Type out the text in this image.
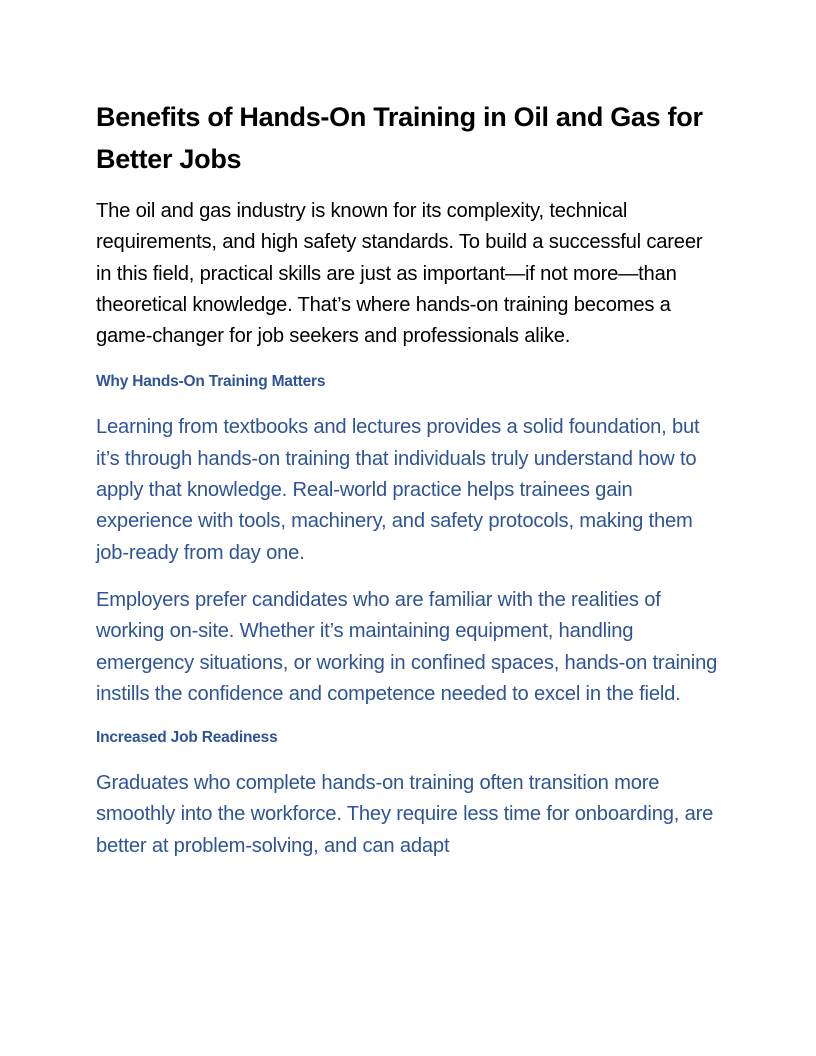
Benefits of Hands-On Training in Oil and Gas for Better Jobs

The oil and gas industry is known for its complexity, technical requirements, and high safety standards. To build a successful career in this field, practical skills are just as important—if not more—than theoretical knowledge. That’s where hands-on training becomes a game-changer for job seekers and professionals alike.

Why Hands-On Training Matters

Learning from textbooks and lectures provides a solid foundation, but it’s through hands-on training that individuals truly understand how to apply that knowledge. Real-world practice helps trainees gain experience with tools, machinery, and safety protocols, making them job-ready from day one.

Employers prefer candidates who are familiar with the realities of working on-site. Whether it’s maintaining equipment, handling emergency situations, or working in confined spaces, hands-on training instills the confidence and competence needed to excel in the field.

Increased Job Readiness

Graduates who complete hands-on training often transition more smoothly into the workforce. They require less time for onboarding, are better at problem-solving, and can adapt
